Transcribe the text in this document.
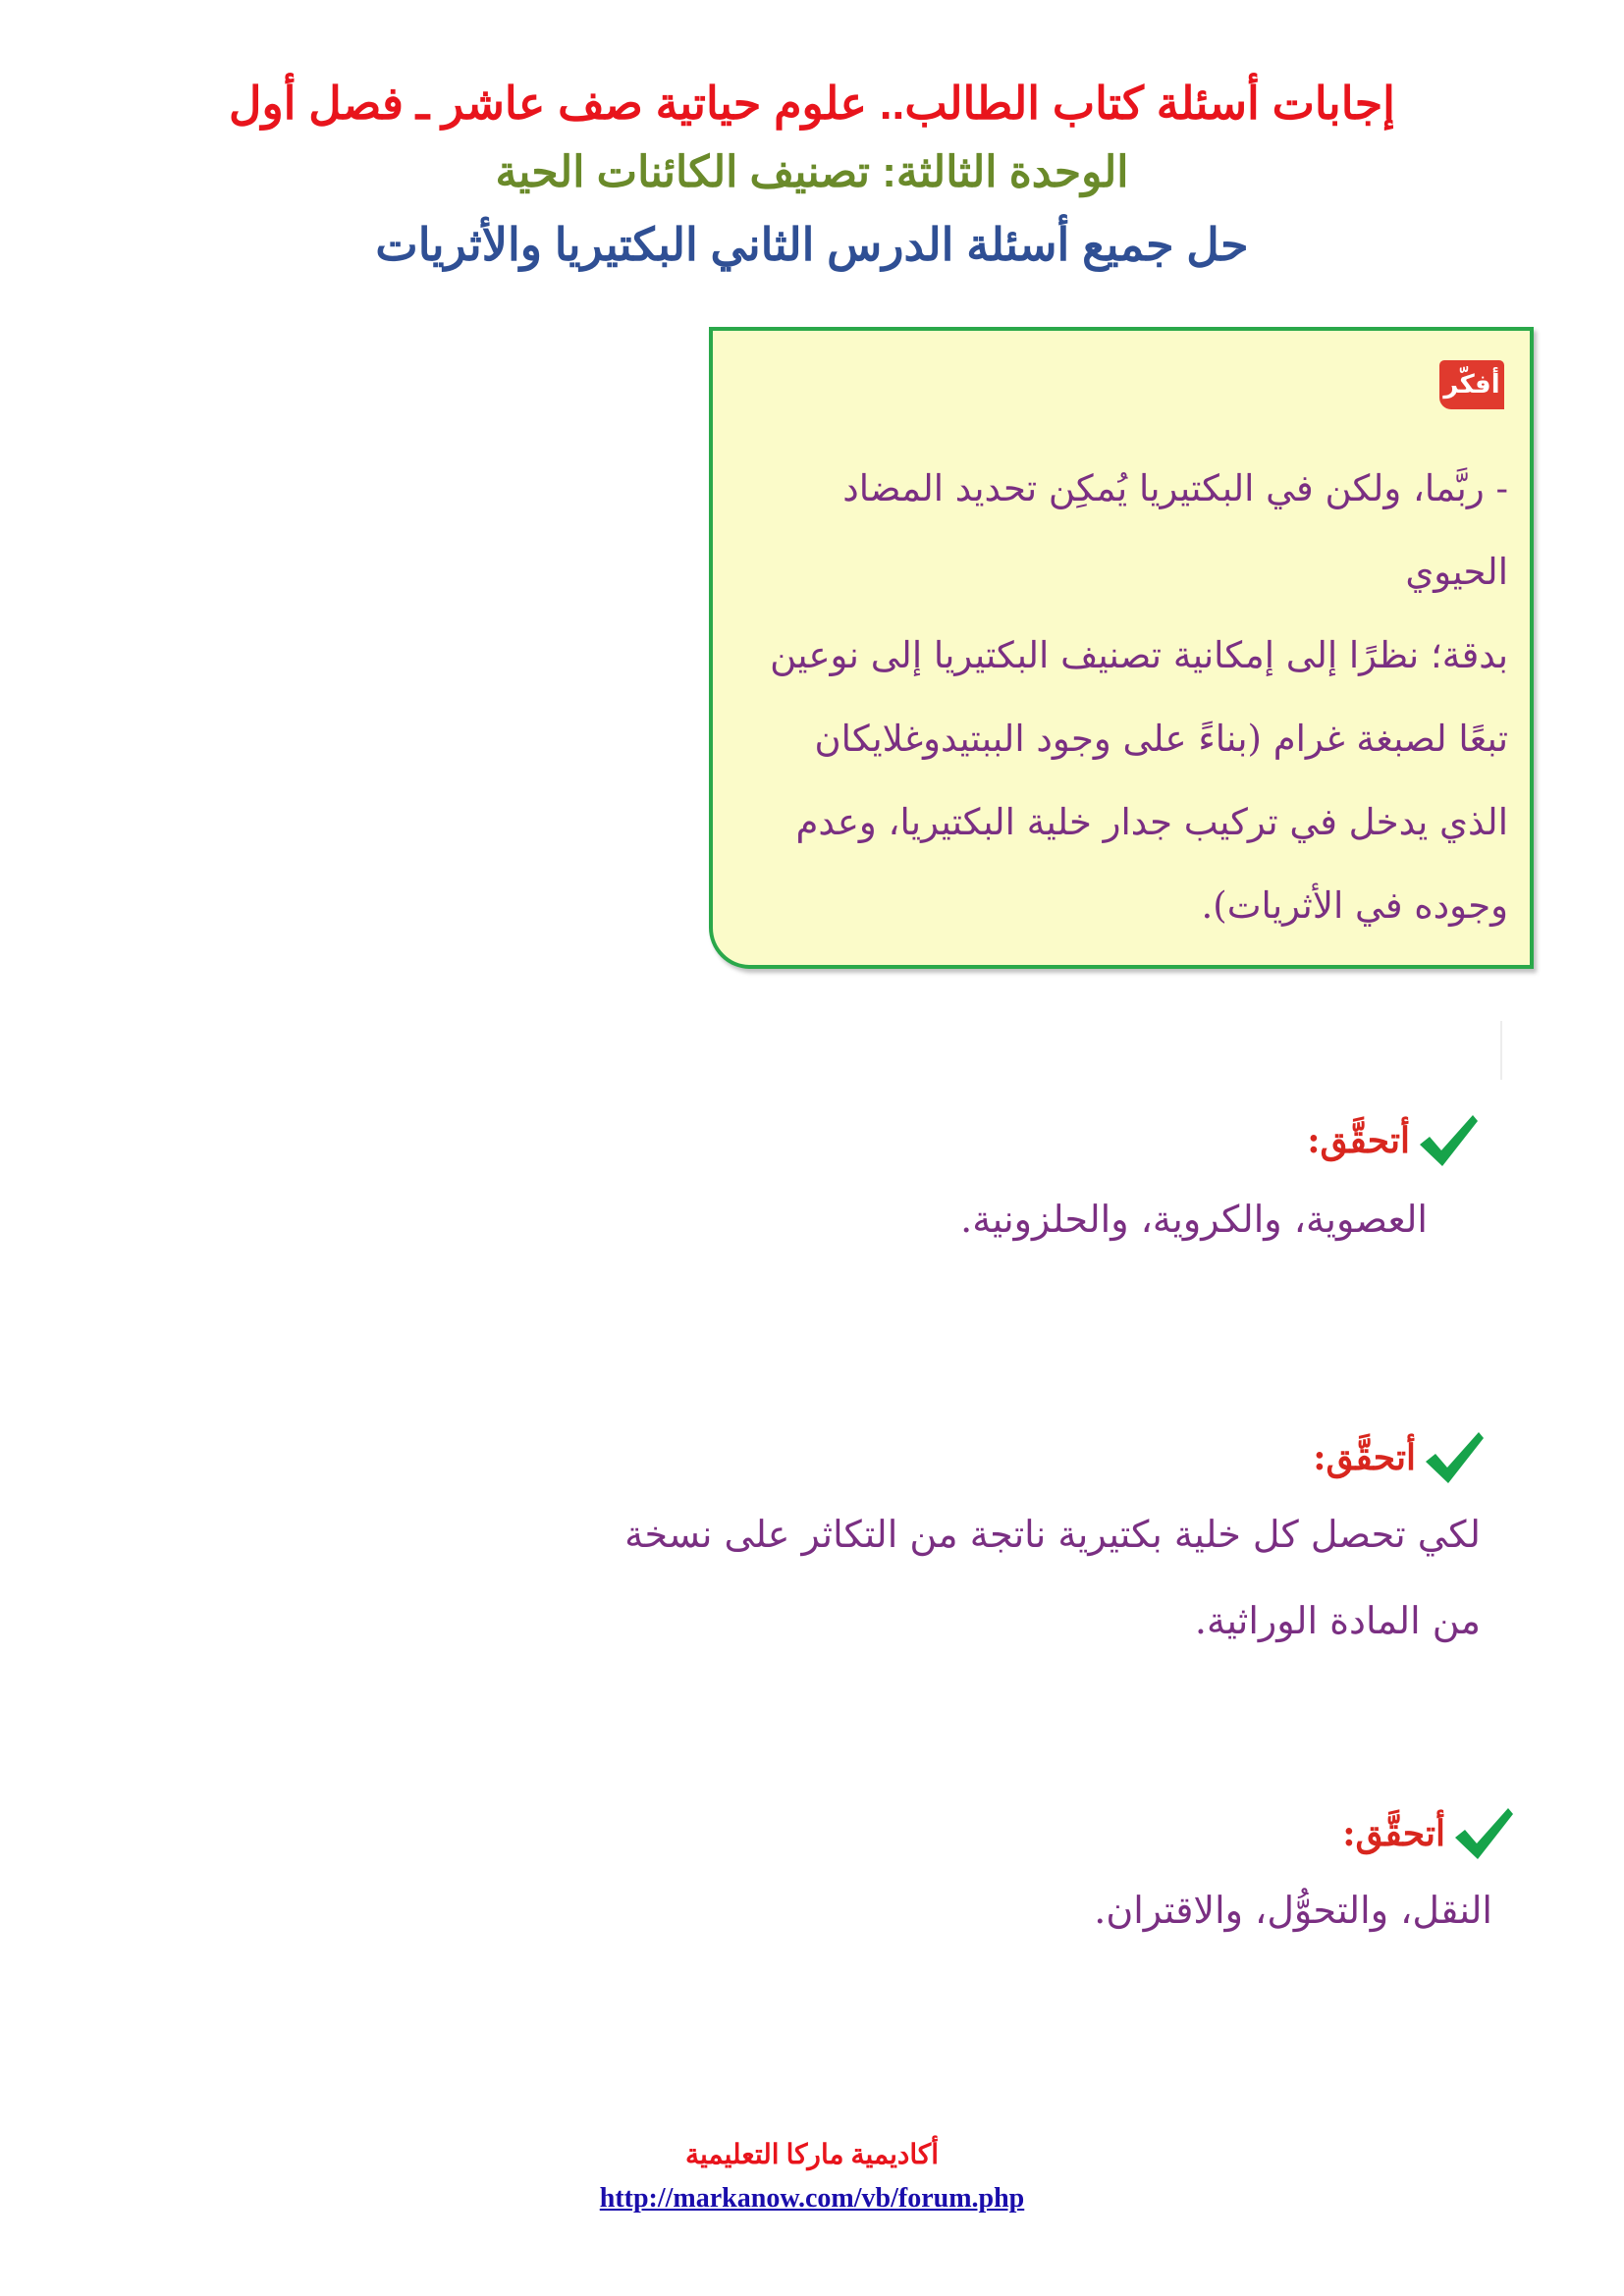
إجابات أسئلة كتاب الطالب.. علوم حياتية صف عاشر ـ فصل أول
الوحدة الثالثة: تصنيف الكائنات الحية
حل جميع أسئلة الدرس الثاني البكتيريا والأثريات
أفكّر
- ربَّما، ولكن في البكتيريا يُمكِن تحديد المضاد الحيوي
بدقة؛ نظرًا إلى إمكانية تصنيف البكتيريا إلى نوعين
تبعًا لصبغة غرام (بناءً على وجود الببتيدوغلايكان
الذي يدخل في تركيب جدار خلية البكتيريا، وعدم
وجوده في الأثريات).
أتحقَّق:
العصوية، والكروية، والحلزونية.
أتحقَّق:
لكي تحصل كل خلية بكتيرية ناتجة من التكاثر على نسخة
من المادة الوراثية.
أتحقَّق:
النقل، والتحوُّل، والاقتران.
أكاديمية ماركا التعليمية
http://markanow.com/vb/forum.php
